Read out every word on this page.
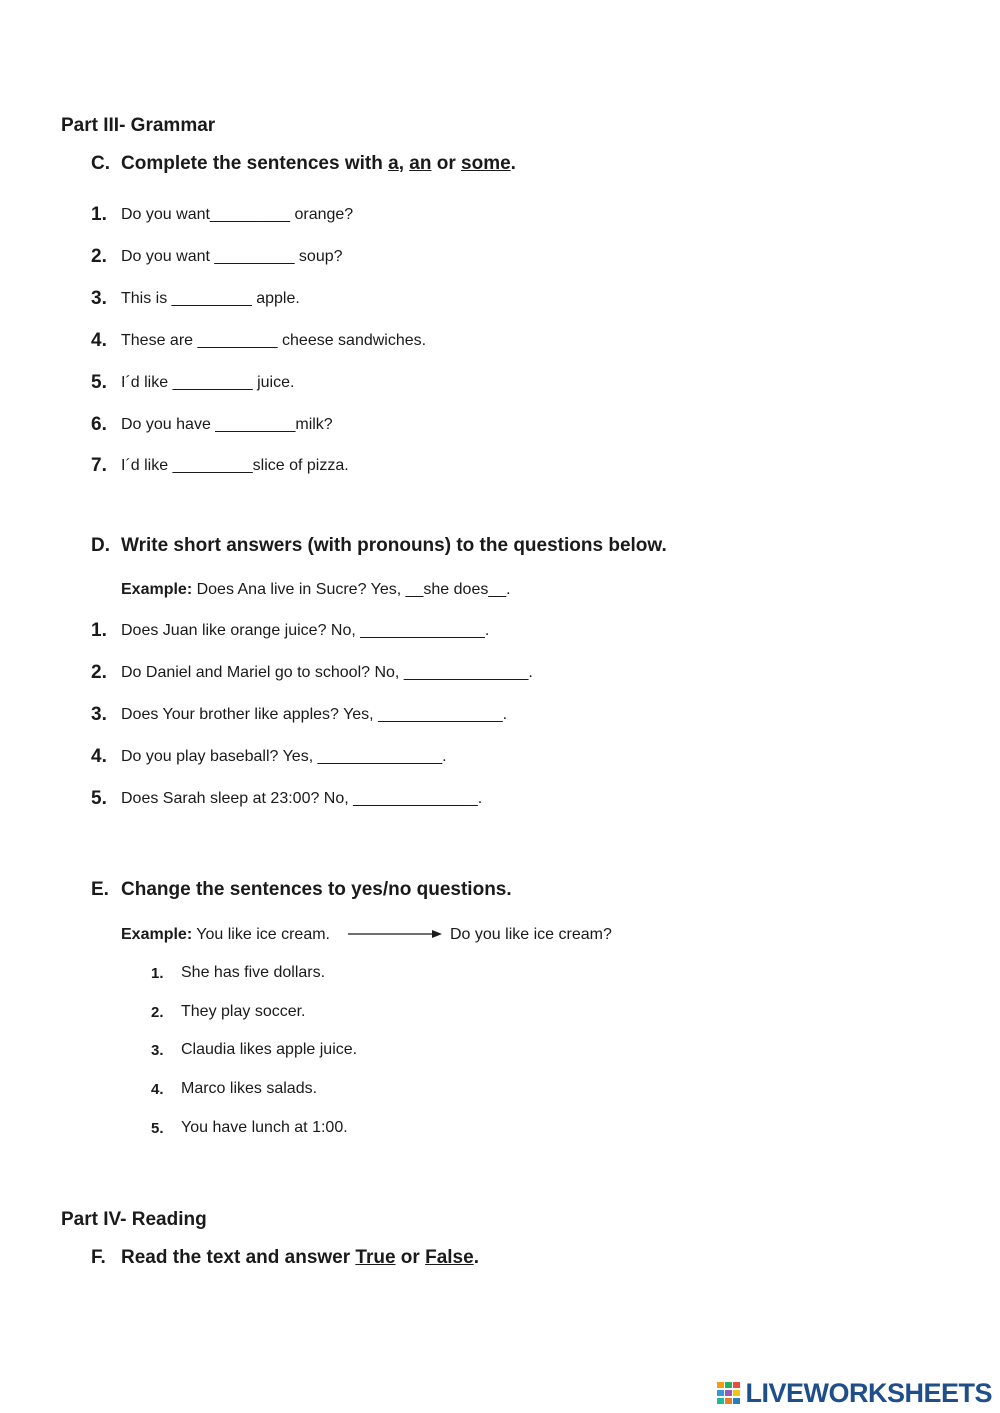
Part III- Grammar
C. Complete the sentences with a, an or some.
1. Do you want_________ orange?
2. Do you want _________ soup?
3. This is _________ apple.
4. These are _________ cheese sandwiches.
5. I´d like _________ juice.
6. Do you have _________milk?
7. I´d like _________slice of pizza.
D. Write short answers (with pronouns) to the questions below.
Example: Does Ana live in Sucre? Yes, __she does__.
1. Does Juan like orange juice? No, ______________.
2. Do Daniel and Mariel go to school? No, ______________.
3. Does Your brother like apples? Yes, ______________.
4. Do you play baseball? Yes, ______________.
5. Does Sarah sleep at 23:00? No, ______________.
E. Change the sentences to yes/no questions.
Example: You like ice cream.	Do you like ice cream?
1. She has five dollars.
2. They play soccer.
3. Claudia likes apple juice.
4. Marco likes salads.
5. You have lunch at 1:00.
Part IV- Reading
F. Read the text and answer True or False.
LIVEWORKSHEETS
